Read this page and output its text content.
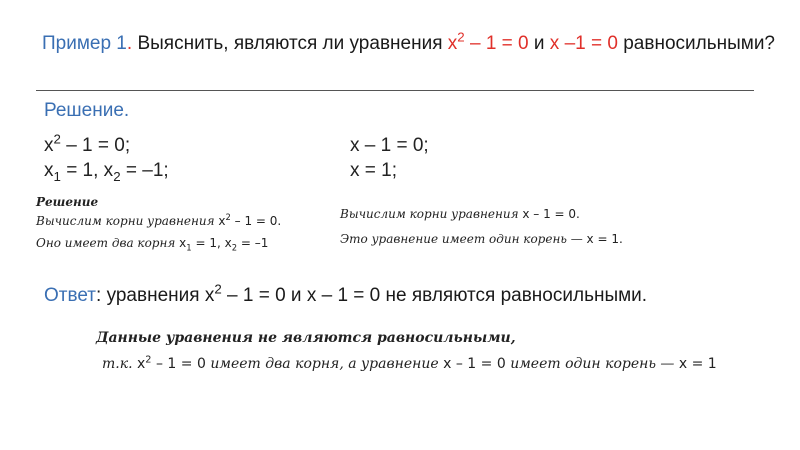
Пример 1. Выяснить, являются ли уравнения $x^2 - 1 = 0$ и x –1 = 0 равносильными?
Решение.
$x^2 - 1 = 0$;
$x_1 = 1$, $x_2 = -1$;
x – 1 = 0;
x = 1;
Решение
Вычислим корни уравнения $x^2 - 1 = 0$.
Оно имеет два корня $x_1 = 1$, $x_2 = -1$
Вычислим корни уравнения x – 1 = 0.
Это уравнение имеет один корень — x = 1.
Ответ: уравнения $x^2 - 1 = 0$ и x – 1 = 0 не являются равносильными.
Данные уравнения не являются равносильными,
т.к. $x^2 - 1 = 0$ имеет два корня, а уравнение x – 1 = 0 имеет один корень — x = 1
